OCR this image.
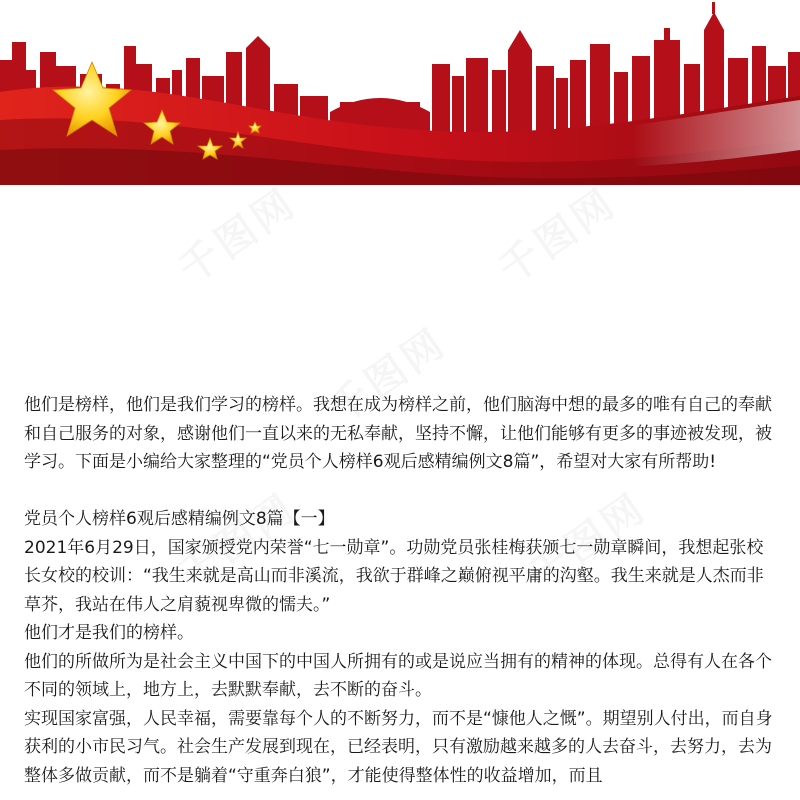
他们是榜样，他们是我们学习的榜样。我想在成为榜样之前，他们脑海中想的最多的唯有自己的奉献和自己服务的对象，感谢他们一直以来的无私奉献，坚持不懈，让他们能够有更多的事迹被发现，被学习。下面是小编给大家整理的“党员个人榜样6观后感精编例文8篇”，希望对大家有所帮助!

党员个人榜样6观后感精编例文8篇【一】

2021年6月29日，国家颁授党内荣誉“七一勋章”。功勋党员张桂梅获颁七一勋章瞬间，我想起张校长女校的校训：“我生来就是高山而非溪流，我欲于群峰之巅俯视平庸的沟壑。我生来就是人杰而非草芥，我站在伟人之肩藐视卑微的懦夫。”

他们才是我们的榜样。

他们的所做所为是社会主义中国下的中国人所拥有的或是说应当拥有的精神的体现。总得有人在各个不同的领域上，地方上，去默默奉献，去不断的奋斗。

实现国家富强，人民幸福，需要靠每个人的不断努力，而不是“慷他人之慨”。期望别人付出，而自身获利的小市民习气。社会生产发展到现在，已经表明，只有激励越来越多的人去奋斗，去努力，去为整体多做贡献，而不是躺着“守重奔白狼”，才能使得整体性的收益增加，而且
